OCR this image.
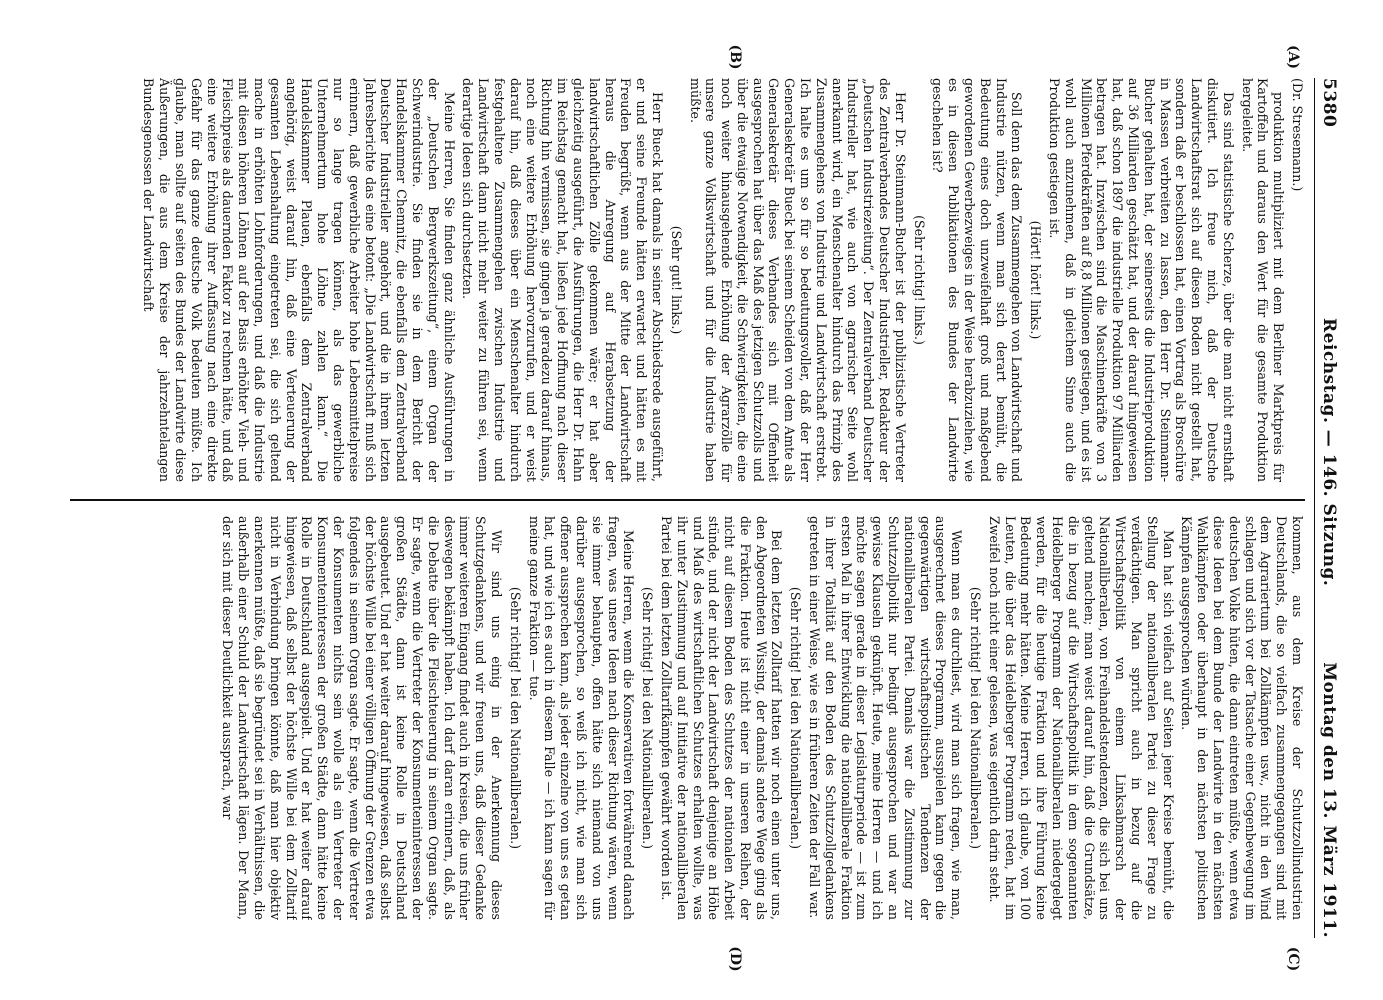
5380
Reichstag. — 146. Sitzung.
Montag den 13. März 1911.
(A)
(B)
(C)
(D)

(Dr. Stresemann.)

produktion multipliziert mit dem Berliner Marktpreis für Kartoffeln und daraus den Wert für die gesamte Produktion hergeleitet.

Das sind statistische Scherze, über die man nicht ernsthaft diskutiert. Ich freue mich, daß der Deutsche Landwirtschaftsrat sich auf diesen Boden nicht gestellt hat, sondern daß er beschlossen hat, einen Vortrag als Broschüre in Massen verbreiten zu lassen, den Herr Dr. Steinmann-Bucher gehalten hat, der seinerseits die Industrieproduktion auf 36 Milliarden geschätzt hat, und der darauf hingewiesen hat, daß schon 1897 die industrielle Produktion 97 Milliarden betragen hat. Inzwischen sind die Maschinenkräfte von 3 Millionen Pferdekräften auf 8,8 Millionen gestiegen, und es ist wohl auch anzunehmen, daß in gleichem Sinne auch die Produktion gestiegen ist.

(Hört! hört! links.)

Soll denn das dem Zusammengehen von Landwirtschaft und Industrie nützen, wenn man sich derart bemüht, die Bedeutung eines doch unzweifelhaft groß und maßgebend gewordenen Gewerbezweiges in der Weise herabzuziehen, wie es in diesen Publikationen des Bundes der Landwirte geschehen ist?

(Sehr richtig! links.)

Herr Dr. Steinmann-Bucher ist der publizistische Vertreter des Zentralverbandes Deutscher Industrieller, Redakteur der „Deutschen Industriezeitung“. Der Zentralverband Deutscher Industrieller hat, wie auch von agrarischer Seite wohl anerkannt wird, ein Menschenalter hindurch das Prinzip des Zusammengehens von Industrie und Landwirtschaft erstrebt. Ich halte es um so für so bedeutungsvoller, daß der Herr Generalsekretär Bueck bei seinem Scheiden von dem Amte als Generalsekretär dieses Verbandes sich mit Offenheit ausgesprochen hat über das Maß des jetzigen Schutzzolls und über die etwaige Notwendigkeit, die Schwierigkeiten, die eine noch weiter hinausgehende Erhöhung der Agrarzölle für unsere ganze Volkswirtschaft und für die Industrie haben müßte.

(Sehr gut! links.)

Herr Bueck hat damals in seiner Abschiedsrede ausgeführt, er und seine Freunde hätten erwartet und hätten es mit Freuden begrüßt, wenn aus der Mitte der Landwirtschaft heraus die Anregung auf Herabsetzung der landwirtschaftlichen Zölle gekommen wäre; er hat aber gleichzeitig ausgeführt, die Ausführungen, die Herr Dr. Hahn im Reichstag gemacht hat, ließen jede Hoffnung nach dieser Richtung hin vermissen, sie gingen ja geradezu darauf hinaus, noch eine weitere Erhöhung hervorzurufen, und er weist darauf hin, daß dieses über ein Menschenalter hindurch festgehaltene Zusammengehen zwischen Industrie und Landwirtschaft dann nicht mehr weiter zu führen sei, wenn derartige Ideen sich durchsetzten.

Meine Herren, Sie finden ganz ähnliche Ausführungen in der „Deutschen Bergwerkszeitung“, einem Organ der Schwerindustrie. Sie finden sie in dem Bericht der Handelskammer Chemnitz, die ebenfalls dem Zentralverband Deutscher Industrieller angehört, und die in ihrem letzten Jahresberichte das eine betont: „Die Landwirtschaft muß sich erinnern, daß gewerbliche Arbeiter hohe Lebensmittelpreise nur so lange tragen können, als das gewerbliche Unternehmertum hohe Löhne zahlen kann.“ Die Handelskammer Plauen, ebenfalls dem Zentralverband angehörig, weist darauf hin, daß eine Verteuerung der gesamten Lebenshaltung eingetreten sei, die sich geltend mache in erhöhten Lohnforderungen, und daß die Industrie mit diesen höheren Löhnen auf der Basis erhöhter Vieh- und Fleischpreise als dauernden Faktor zu rechnen hätte, und daß eine weitere Erhöhung ihrer Auffassung nach eine direkte Gefahr für das ganze deutsche Volk bedeuten müßte. Ich glaube, man sollte auf seiten des Bundes der Landwirte diese Äußerungen, die aus dem Kreise der jahrzehntelangen Bundesgenossen der Landwirtschaft

kommen, aus dem Kreise der Schutzzollindustrien Deutschlands, die so vielfach zusammengegangen sind mit dem Agrariertum bei Zollkämpfen usw., nicht in den Wind schlagen und sich vor der Tatsache einer Gegenbewegung im deutschen Volke hüten, die dann eintreten müßte, wenn etwa diese Ideen bei dem Bunde der Landwirte in den nächsten Wahlkämpfen oder überhaupt in den nächsten politischen Kämpfen ausgesprochen würden.

Man hat sich vielfach auf Seiten jener Kreise bemüht, die Stellung der nationalliberalen Partei zu dieser Frage zu verdächtigen. Man spricht auch in bezug auf die Wirtschaftspolitik von einem Linksabmarsch der Nationalliberalen, von Freihandelstendenzen, die sich bei uns geltend machen; man weist darauf hin, daß die Grundsätze, die in bezug auf die Wirtschaftspolitik in dem sogenannten Heidelberger Programm der Nationalliberalen niedergelegt werden, für die heutige Fraktion und ihre Führung keine Bedeutung mehr hätten. Meine Herren, ich glaube, von 100 Leuten, die über das Heidelberger Programm reden, hat im Zweifel noch nicht einer gelesen, was eigentlich darin steht.

(Sehr richtig! bei den Nationalliberalen.)

Wenn man es durchliest, wird man sich fragen, wie man, ausgerechnet dieses Programm, ausspielen kann gegen die gegenwärtigen wirtschaftspolitischen Tendenzen der nationalliberalen Partei. Damals war die Zustimmung zur Schutzzollpolitik nur bedingt ausgesprochen und war an gewisse Klauseln geknüpft. Heute, meine Herren — und ich möchte sagen gerade in dieser Legislaturperiode — ist zum ersten Mal in ihrer Entwicklung die nationalliberale Fraktion in ihrer Totalität auf den Boden des Schutzzollgedankens getreten in einer Weise, wie es in früheren Zeiten der Fall war.

(Sehr richtig! bei den Nationalliberalen.)

Bei dem letzten Zolltarif hatten wir noch einen unter uns, den Abgeordneten Wissing, der damals andere Wege ging als die Fraktion. Heute ist nicht einer in unseren Reihen, der nicht auf diesem Boden des Schutzes der nationalen Arbeit stünde, und der nicht der Landwirtschaft denjenige an Höhe und Maß des wirtschaftlichen Schutzes erhalten wollte, was ihr unter Zustimmung und auf Initiative der nationalliberalen Partei bei dem letzten Zolltarifkämpfen gewährt worden ist.

(Sehr richtig! bei den Nationalliberalen.)

Meine Herren, wenn die Konservativen fortwährend danach fragen, was unsere Ideen nach dieser Richtung wären, wenn sie immer behaupten, offen hätte sich niemand von uns darüber ausgesprochen, so weiß ich nicht, wie man sich offener aussprechen kann, als jeder einzelne von uns es getan hat, und wie ich es auch in diesem Falle — ich kann sagen für meine ganze Fraktion — tue.

(Sehr richtig! bei den Nationalliberalen.)

Wir sind uns einig in der Anerkennung dieses Schutzgedankens, und wir freuen uns, daß dieser Gedanke immer weiteren Eingang findet auch in Kreisen, die uns früher deswegen bekämpft haben. Ich darf daran erinnern, daß, als die Debatte über die Fleischteuerung in seinem Organ sagte. Er sagte, wenn die Vertreter der Konsumenteninteressen der großen Städte, dann ist keine Rolle in Deutschland ausgebeutet. Und er hat weiter darauf hingewiesen, daß selbst der höchste Wille bei einer völligen Öffnung der Grenzen etwa folgendes in seinem Organ sagte. Er sagte, wenn die Vertreter der Konsumenten nichts sein wolle als ein Vertreter der Konsumenteninteressen der großen Städte, dann hätte keine Rolle in Deutschland ausgespielt. Und er hat weiter darauf hingewiesen, daß selbst der höchste Wille bei dem Zolltarif nicht in Verbindung bringen könnte, daß man hier objektiv anerkennen müßte, daß sie begründet sei in Verhältnissen, die außerhalb einer Schuld der Landwirtschaft lägen. Der Mann, der sich mit dieser Deutlichkeit aussprach, war
